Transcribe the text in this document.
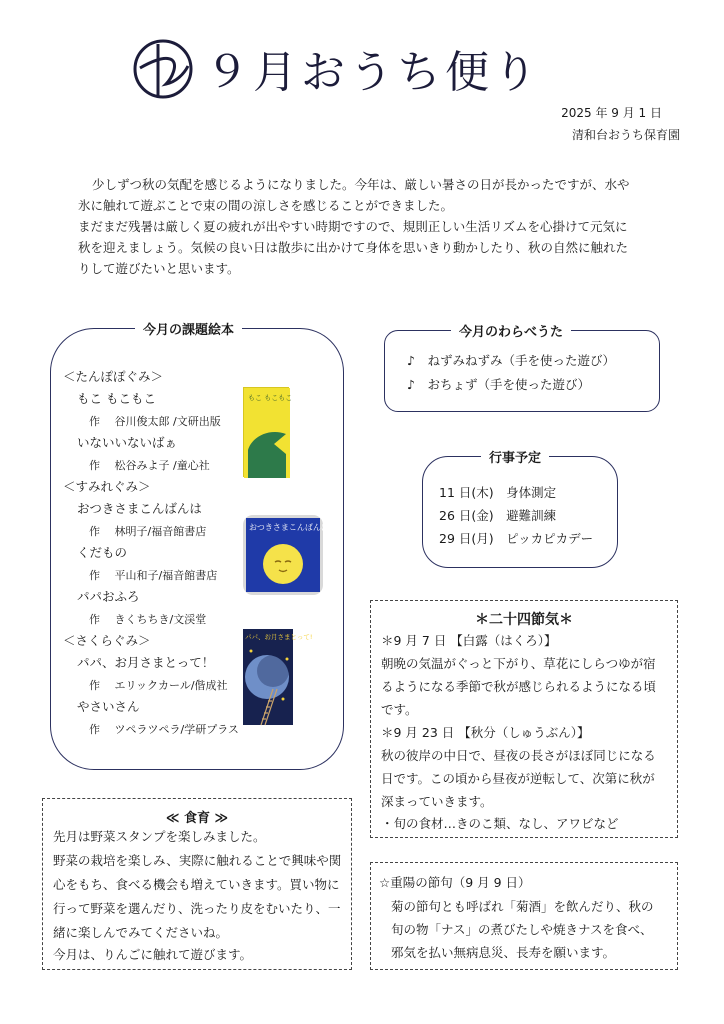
９月おうち便り
2025 年 9 月 1 日
清和台おうち保育園

少しずつ秋の気配を感じるようになりました。今年は、厳しい暑さの日が長かったですが、水や

氷に触れて遊ぶことで束の間の涼しさを感じることができました。

まだまだ残暑は厳しく夏の疲れが出やすい時期ですので、規則正しい生活リズムを心掛けて元気に

秋を迎えましょう。気候の良い日は散歩に出かけて身体を思いきり動かしたり、秋の自然に触れた

りして遊びたいと思います。

今月の課題絵本
＜たんぽぽぐみ＞
もこ もこもこ
作　 谷川俊太郎 /文研出版
いないいないばぁ
作　 松谷みよ子 /童心社
＜すみれぐみ＞
おつきさまこんばんは
作　 林明子/福音館書店
くだもの
作　 平山和子/福音館書店
パパおふろ
作　 きくちちき/文渓堂
＜さくらぐみ＞
パパ、お月さまとって！
作　 エリックカール/偕成社
やさいさん
作　 ツペラツペラ/学研プラス
もこ もこもこ
おつきさまこんばんは
パパ、お月さまとって!
今月のわらべうた
♪　ねずみねずみ（手を使った遊び）
♪　おちょず（手を使った遊び）
行事予定
11 日(木)　身体測定
26 日(金)　避難訓練
29 日(月)　ピッカピカデー
＊二十四節気＊
＊9 月 7 日 【白露（はくろ）】
朝晩の気温がぐっと下がり、草花にしらつゆが宿
るようになる季節で秋が感じられるようになる頃
です。
＊9 月 23 日 【秋分（しゅうぶん）】
秋の彼岸の中日で、昼夜の長さがほぼ同じになる
日です。この頃から昼夜が逆転して、次第に秋が
深まっていきます。
・旬の食材…きのこ類、なし、アワビなど
≪ 食育 ≫
先月は野菜スタンプを楽しみました。
野菜の栽培を楽しみ、実際に触れることで興味や関
心をもち、食べる機会も増えていきます。買い物に
行って野菜を選んだり、洗ったり皮をむいたり、一
緒に楽しんでみてくださいね。
今月は、りんごに触れて遊びます。
☆重陽の節句（9 月 9 日）
菊の節句とも呼ばれ「菊酒」を飲んだり、秋の
旬の物「ナス」の煮びたしや焼きナスを食べ、
邪気を払い無病息災、長寿を願います。
